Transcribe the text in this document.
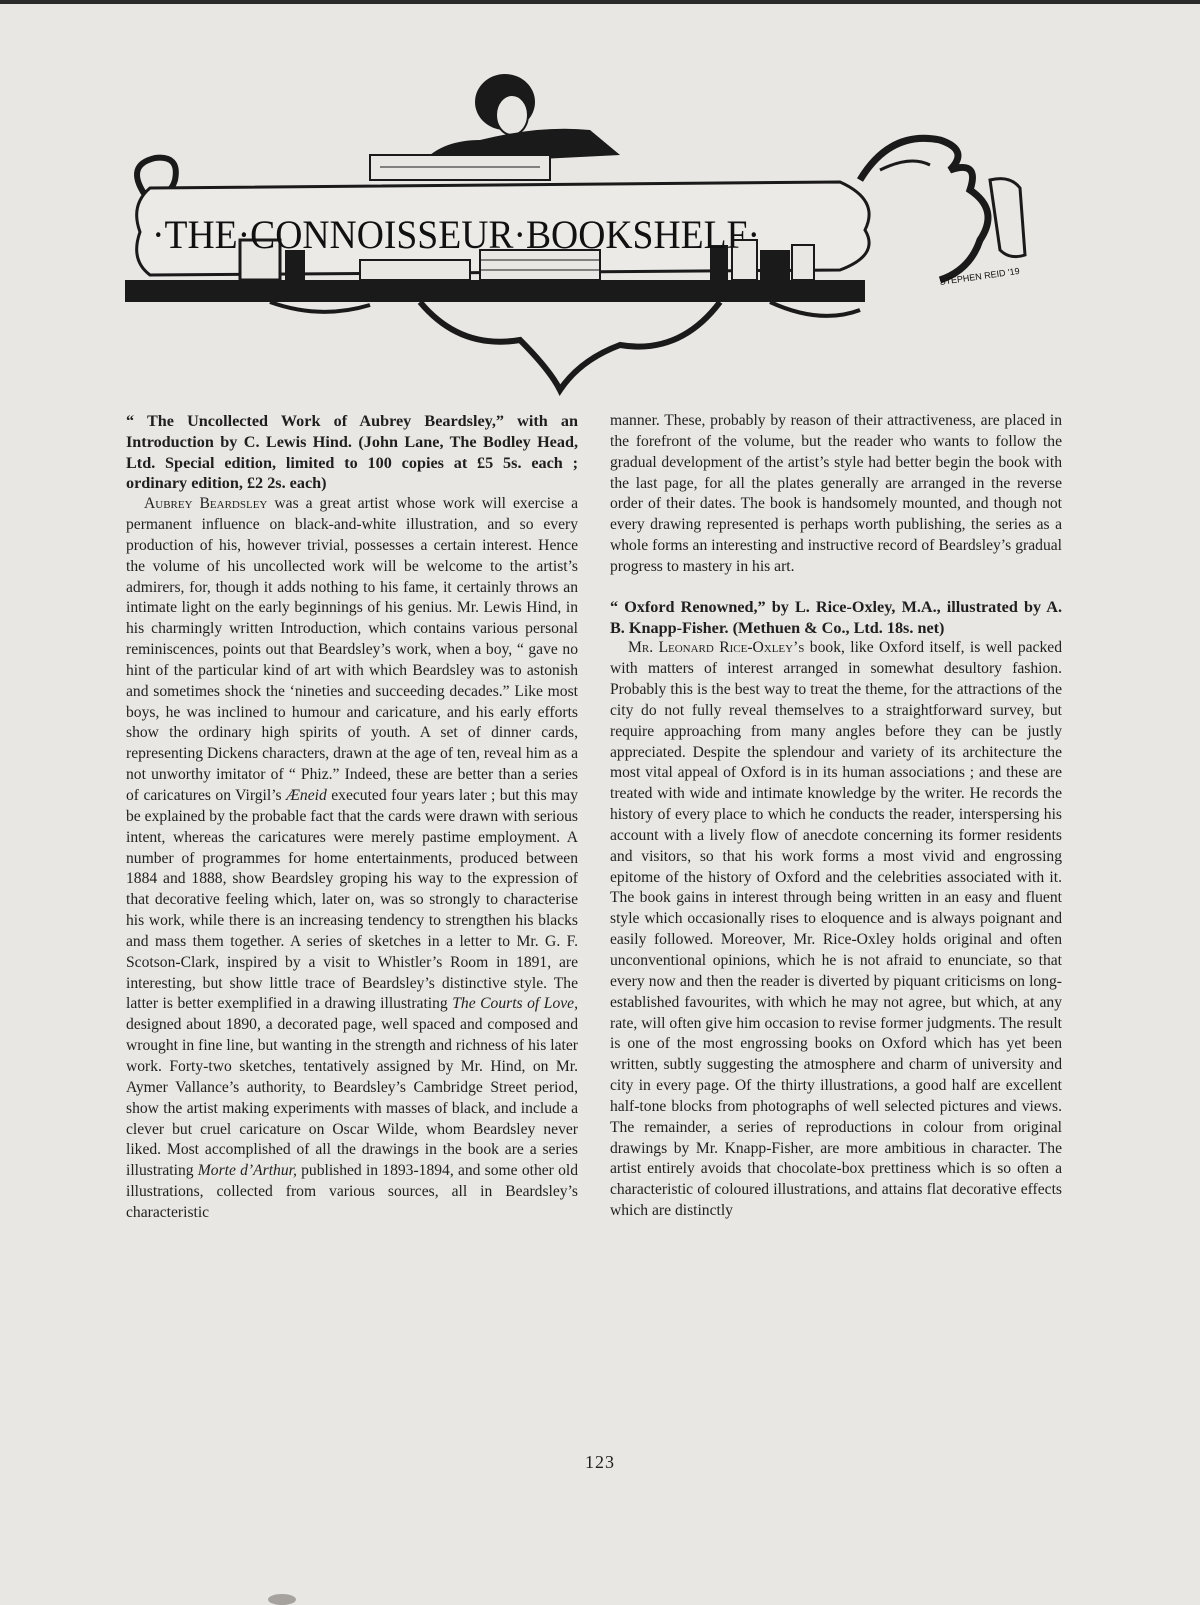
·THE·CONNOISSEUR·BOOKSHELF·
STEPHEN REID '19

“ The Uncollected Work of Aubrey Beardsley,” with an Introduction by C. Lewis Hind. (John Lane, The Bodley Head, Ltd. Special edition, limited to 100 copies at £5 5s. each ; ordinary edition, £2 2s. each)

Aubrey Beardsley was a great artist whose work will exercise a permanent influence on black-and-white illustration, and so every production of his, however trivial, possesses a certain interest. Hence the volume of his uncollected work will be welcome to the artist’s admirers, for, though it adds nothing to his fame, it certainly throws an intimate light on the early beginnings of his genius. Mr. Lewis Hind, in his charmingly written Introduction, which contains various personal reminiscences, points out that Beardsley’s work, when a boy, “ gave no hint of the particular kind of art with which Beardsley was to astonish and sometimes shock the ‘nineties and succeeding decades.” Like most boys, he was inclined to humour and caricature, and his early efforts show the ordinary high spirits of youth. A set of dinner cards, representing Dickens characters, drawn at the age of ten, reveal him as a not unworthy imitator of “ Phiz.” Indeed, these are better than a series of caricatures on Virgil’s Æneid executed four years later ; but this may be explained by the probable fact that the cards were drawn with serious intent, whereas the caricatures were merely pastime employment. A number of programmes for home entertainments, produced between 1884 and 1888, show Beardsley groping his way to the expression of that decorative feeling which, later on, was so strongly to characterise his work, while there is an increasing tendency to strengthen his blacks and mass them together. A series of sketches in a letter to Mr. G. F. Scotson-Clark, inspired by a visit to Whistler’s Room in 1891, are interesting, but show little trace of Beardsley’s distinctive style. The latter is better exemplified in a drawing illustrating The Courts of Love, designed about 1890, a decorated page, well spaced and composed and wrought in fine line, but wanting in the strength and richness of his later work. Forty-two sketches, tentatively assigned by Mr. Hind, on Mr. Aymer Vallance’s authority, to Beardsley’s Cambridge Street period, show the artist making experiments with masses of black, and include a clever but cruel caricature on Oscar Wilde, whom Beardsley never liked. Most accomplished of all the drawings in the book are a series illustrating Morte d’Arthur, published in 1893-1894, and some other old illustrations, collected from various sources, all in Beardsley’s characteristic

manner. These, probably by reason of their attractiveness, are placed in the forefront of the volume, but the reader who wants to follow the gradual development of the artist’s style had better begin the book with the last page, for all the plates generally are arranged in the reverse order of their dates. The book is handsomely mounted, and though not every drawing represented is perhaps worth publishing, the series as a whole forms an interesting and instructive record of Beardsley’s gradual progress to mastery in his art.

“ Oxford Renowned,” by L. Rice-Oxley, M.A., illustrated by A. B. Knapp-Fisher. (Methuen & Co., Ltd. 18s. net)

Mr. Leonard Rice-Oxley’s book, like Oxford itself, is well packed with matters of interest arranged in somewhat desultory fashion. Probably this is the best way to treat the theme, for the attractions of the city do not fully reveal themselves to a straightforward survey, but require approaching from many angles before they can be justly appreciated. Despite the splendour and variety of its architecture the most vital appeal of Oxford is in its human associations ; and these are treated with wide and intimate knowledge by the writer. He records the history of every place to which he conducts the reader, interspersing his account with a lively flow of anecdote concerning its former residents and visitors, so that his work forms a most vivid and engrossing epitome of the history of Oxford and the celebrities associated with it. The book gains in interest through being written in an easy and fluent style which occasionally rises to eloquence and is always poignant and easily followed. Moreover, Mr. Rice-Oxley holds original and often unconventional opinions, which he is not afraid to enunciate, so that every now and then the reader is diverted by piquant criticisms on long-established favourites, with which he may not agree, but which, at any rate, will often give him occasion to revise former judgments. The result is one of the most engrossing books on Oxford which has yet been written, subtly suggesting the atmosphere and charm of university and city in every page. Of the thirty illustrations, a good half are excellent half-tone blocks from photographs of well selected pictures and views. The remainder, a series of reproductions in colour from original drawings by Mr. Knapp-Fisher, are more ambitious in character. The artist entirely avoids that chocolate-box prettiness which is so often a characteristic of coloured illustrations, and attains flat decorative effects which are distinctly

123
